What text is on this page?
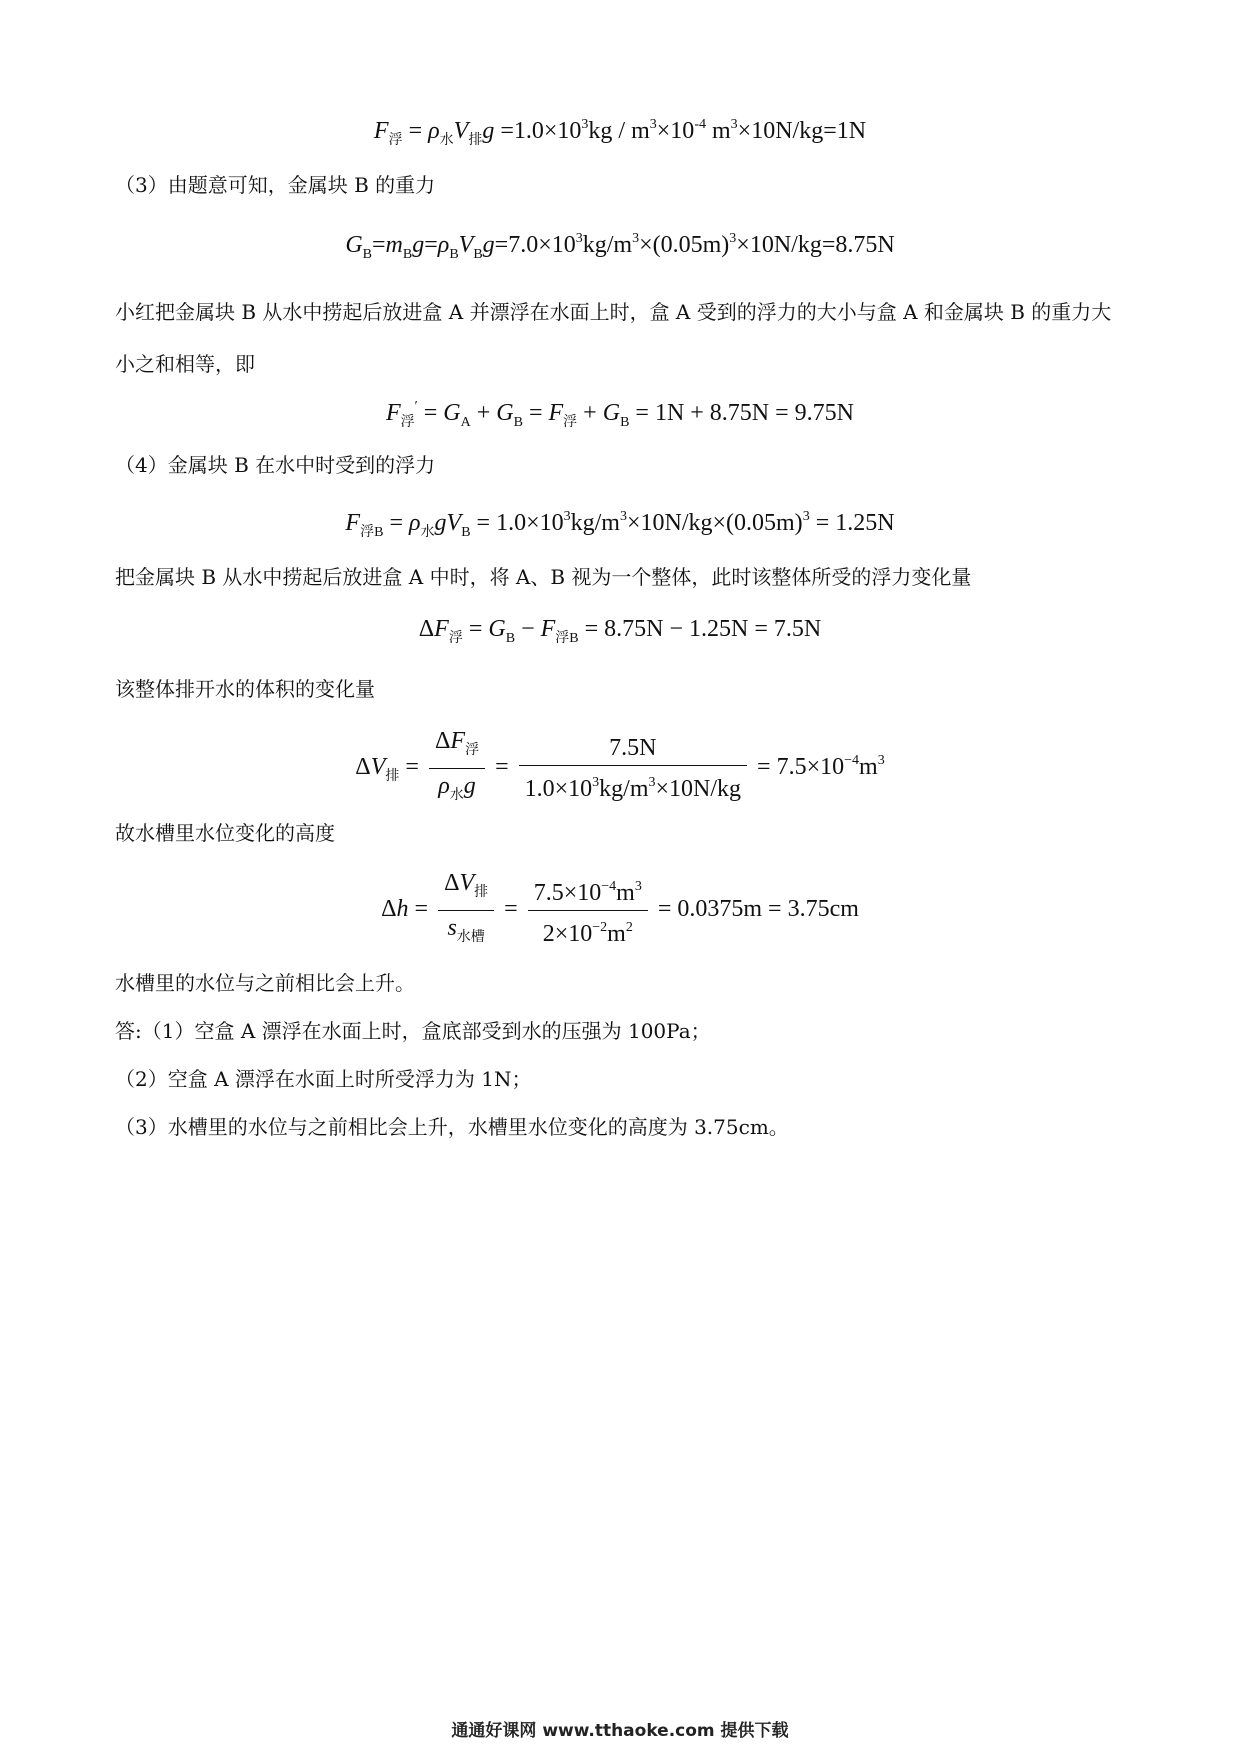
$F_浮 = \rho_水V_排g =1.0\times 10^3kg / m^3\times 10^{-4}$ $m^3\times 10N/kg=1N$
（3）由题意可知，金属块 B 的重力
$G_B=m_Bg=\rho_BV_Bg=7.0\times 10^3kg/m^3\times(0.05m)^3\times 10N/kg=8.75N$
小红把金属块 B 从水中捞起后放进盒 A 并漂浮在水面上时，盒 A 受到的浮力的大小与盒 A 和金属块 B 的重力大小之和相等，即
$F_浮' = G_A + G_B = F_浮 + G_B = 1N + 8.75N = 9.75N$
（4）金属块 B 在水中时受到的浮力
$F_{浮B} = \rho_水gV_B = 1.0\times 10^3kg/m^3\times 10N/kg\times(0.05m)^3 = 1.25N$
把金属块 B 从水中捞起后放进盒 A 中时，将 A、B 视为一个整体，此时该整体所受的浮力变化量
$\Delta F_浮 = G_B - F_{浮B} = 8.75N - 1.25N = 7.5N$
该整体排开水的体积的变化量
$\Delta V_排 = \frac{\Delta F_浮}{\rho_水g} = \frac{7.5N}{1.0\times 10^3kg/m^3\times 10N/kg} = 7.5\times 10^{-4}m^3$
故水槽里水位变化的高度
$\Delta h = \frac{\Delta V_排}{s_{水槽}} = \frac{7.5\times 10^{-4}m^3}{2\times 10^{-2}m^2} = 0.0375m = 3.75cm$
水槽里的水位与之前相比会上升。
答:（1）空盒 A 漂浮在水面上时，盒底部受到水的压强为 100Pa；
（2）空盒 A 漂浮在水面上时所受浮力为 1N；
（3）水槽里的水位与之前相比会上升，水槽里水位变化的高度为 3.75cm。
通通好课网 www.tthaoke.com 提供下载
